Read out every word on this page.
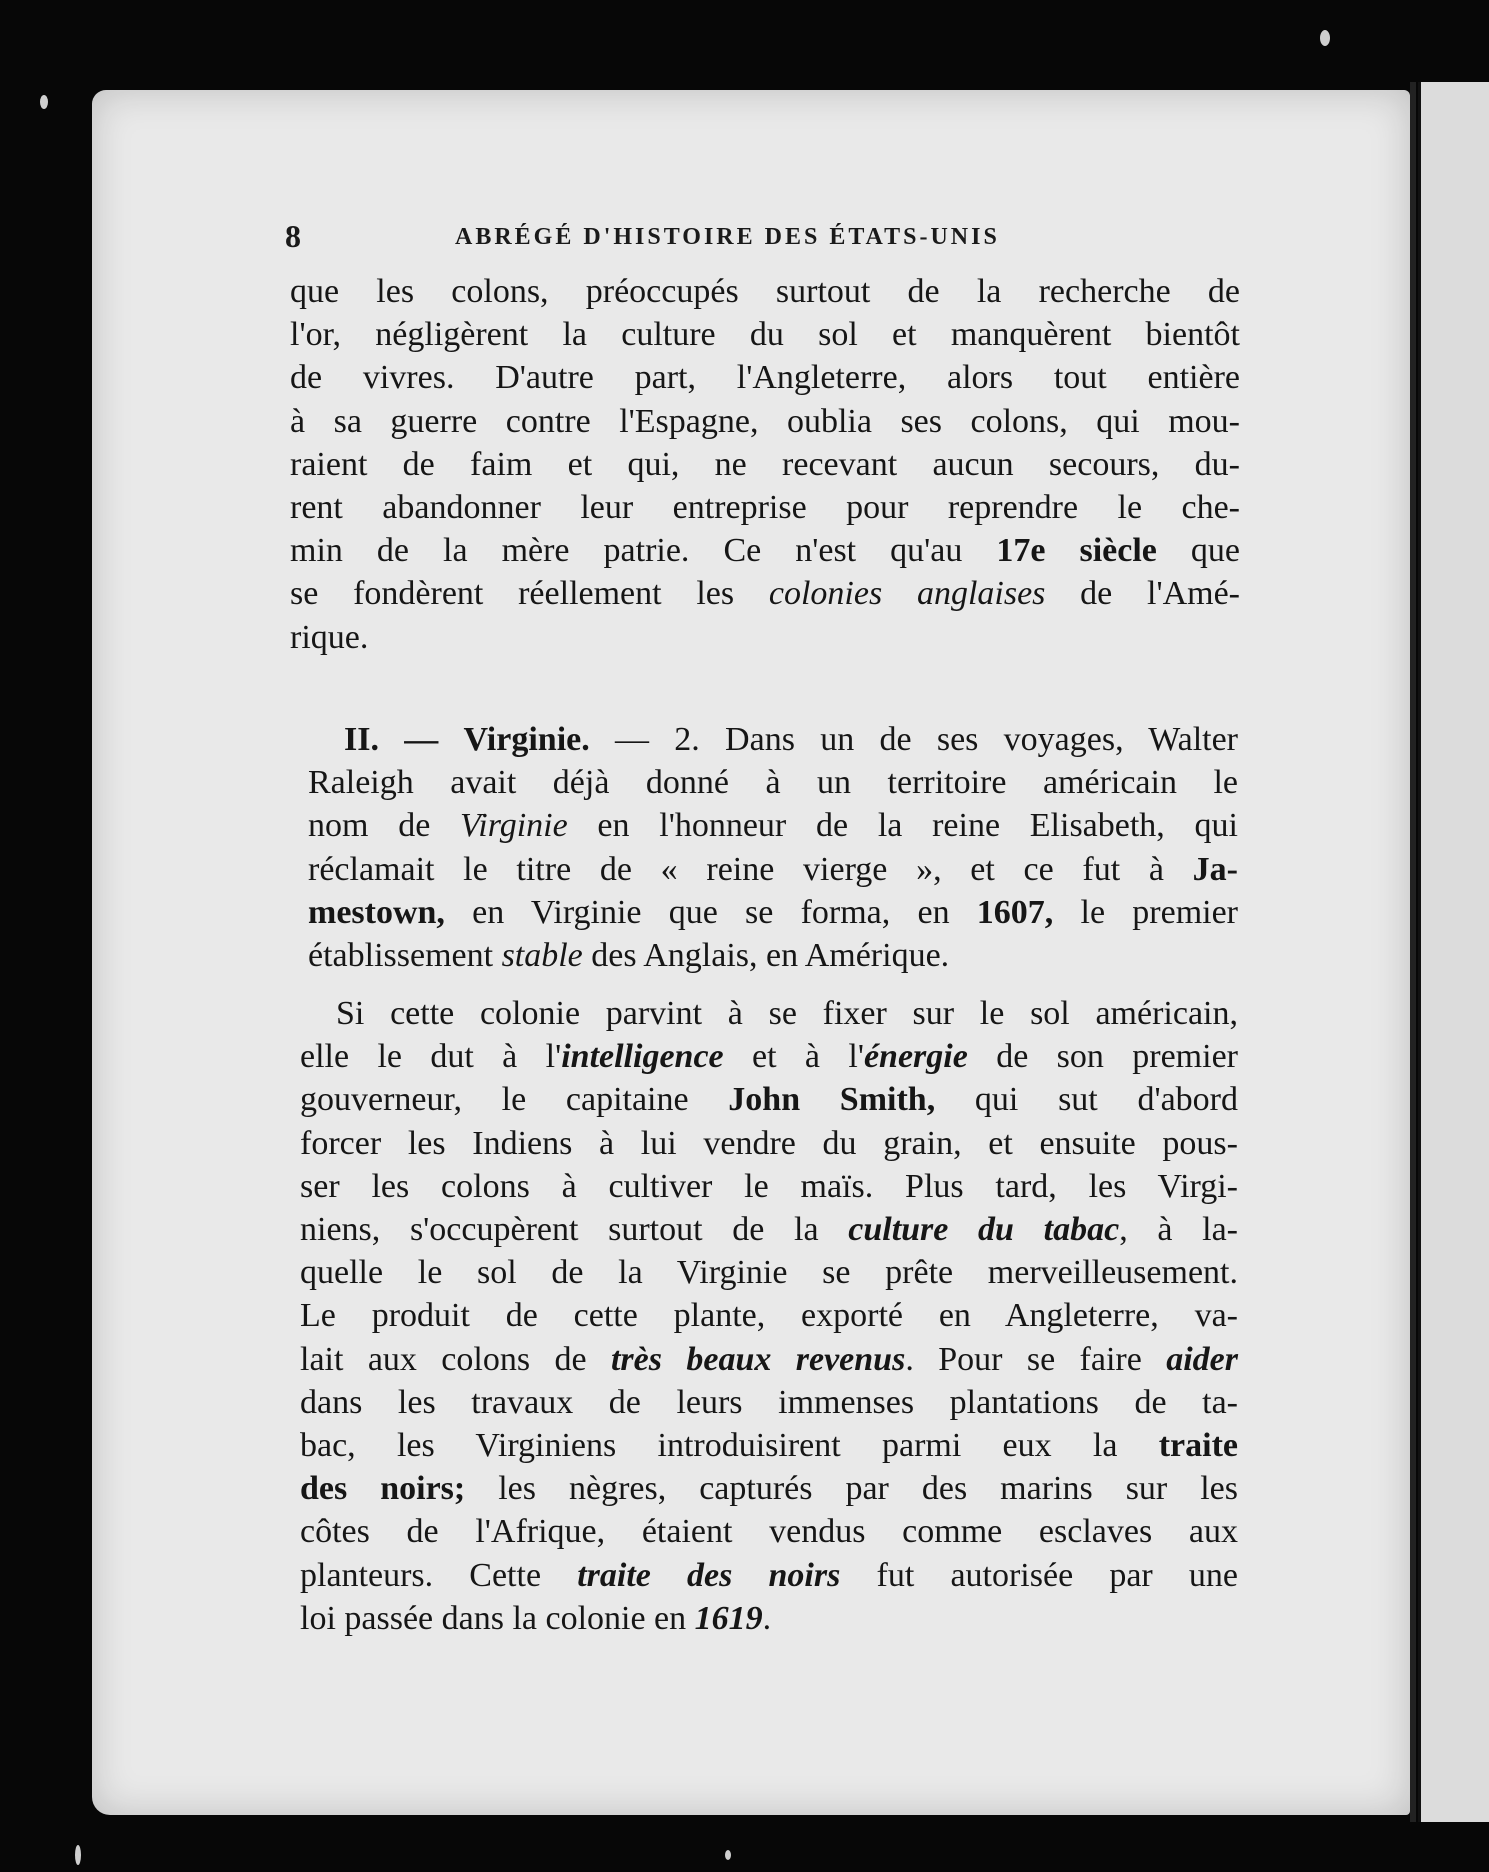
8	ABRÉGÉ D'HISTOIRE DES ÉTATS-UNIS
que les colons, préoccupés surtout de la recherche de
l'or, négligèrent la culture du sol et manquèrent bientôt
de vivres. D'autre part, l'Angleterre, alors tout entière
à sa guerre contre l'Espagne, oublia ses colons, qui mou-
raient de faim et qui, ne recevant aucun secours, du-
rent abandonner leur entreprise pour reprendre le che-
min de la mère patrie. Ce n'est qu'au 17e siècle que
se fondèrent réellement les colonies anglaises de l'Amé-
rique.
II. — Virginie. — 2. Dans un de ses voyages, Walter
Raleigh avait déjà donné à un territoire américain le
nom de Virginie en l'honneur de la reine Elisabeth, qui
réclamait le titre de « reine vierge », et ce fut à Ja-
mestown, en Virginie que se forma, en 1607, le premier
établissement stable des Anglais, en Amérique.
Si cette colonie parvint à se fixer sur le sol américain,
elle le dut à l'intelligence et à l'énergie de son premier
gouverneur, le capitaine John Smith, qui sut d'abord
forcer les Indiens à lui vendre du grain, et ensuite pous-
ser les colons à cultiver le maïs. Plus tard, les Virgi-
niens, s'occupèrent surtout de la culture du tabac, à la-
quelle le sol de la Virginie se prête merveilleusement.
Le produit de cette plante, exporté en Angleterre, va-
lait aux colons de très beaux revenus. Pour se faire aider
dans les travaux de leurs immenses plantations de ta-
bac, les Virginiens introduisirent parmi eux la traite
des noirs; les nègres, capturés par des marins sur les
côtes de l'Afrique, étaient vendus comme esclaves aux
planteurs. Cette traite des noirs fut autorisée par une
loi passée dans la colonie en 1619.
